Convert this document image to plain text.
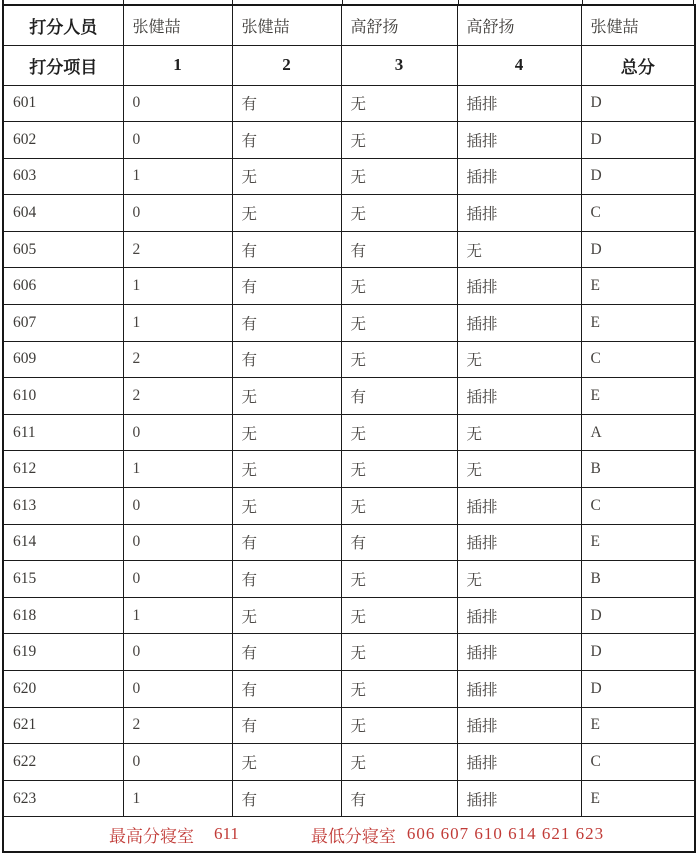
打分人员	张健喆	张健喆	高舒扬	高舒扬	张健喆
打分项目	1	2	3	4	总分
601	0	有	无	插排	D
602	0	有	无	插排	D
603	1	无	无	插排	D
604	0	无	无	插排	C
605	2	有	有	无	D
606	1	有	无	插排	E
607	1	有	无	插排	E
609	2	有	无	无	C
610	2	无	有	插排	E
611	0	无	无	无	A
612	1	无	无	无	B
613	0	无	无	插排	C
614	0	有	有	插排	E
615	0	有	无	无	B
618	1	无	无	插排	D
619	0	有	无	插排	D
620	0	有	无	插排	D
621	2	有	无	插排	E
622	0	无	无	插排	C
623	1	有	有	插排	E

最高分寝室 611 最低分寝室 606 607 610 614 621 623					
